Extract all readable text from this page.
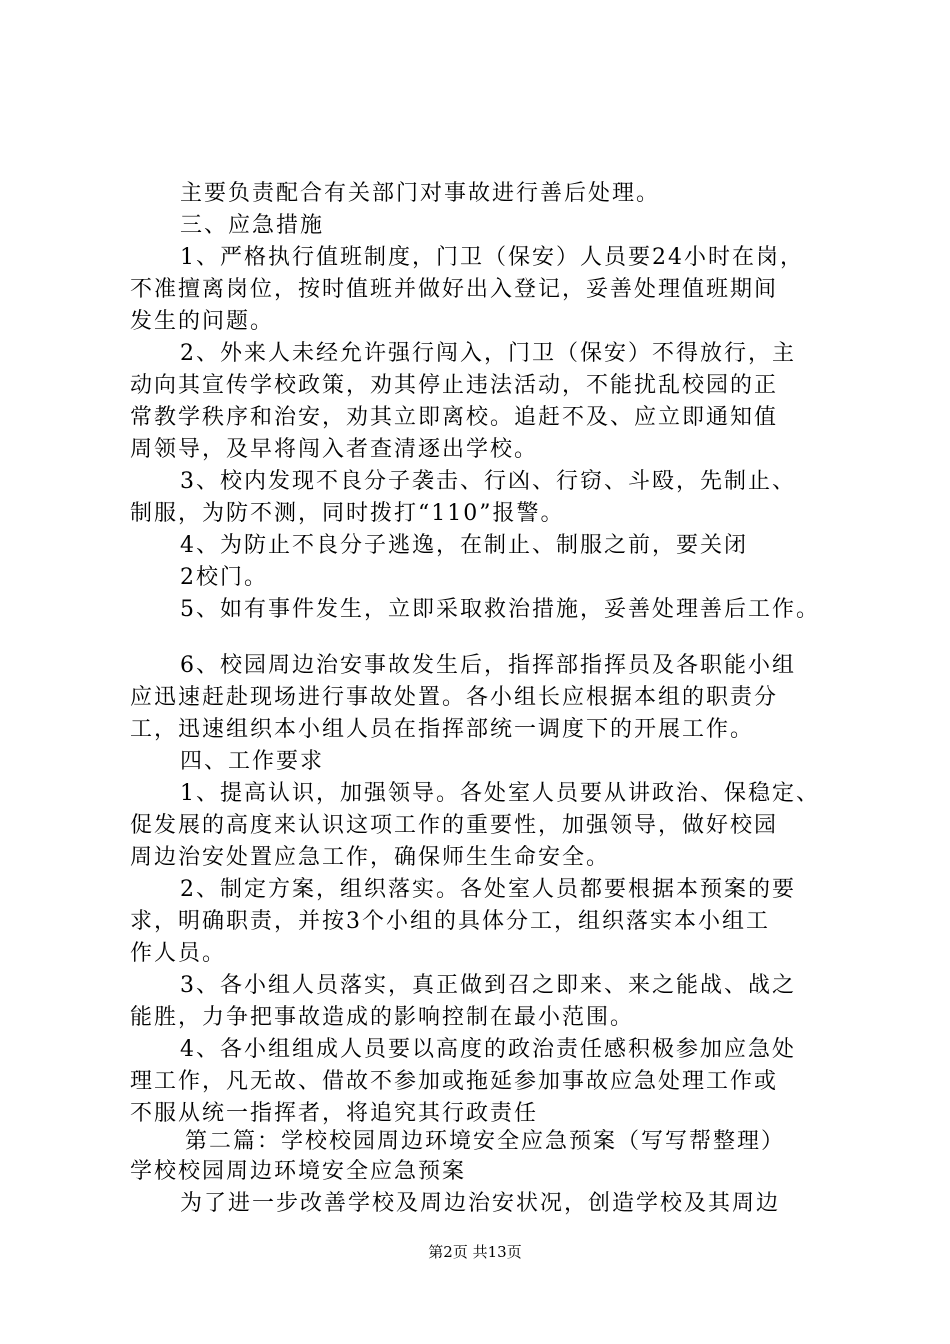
主要负责配合有关部门对事故进行善后处理。
三、应急措施
1、严格执行值班制度，门卫（保安）人员要24小时在岗，
不准擅离岗位，按时值班并做好出入登记，妥善处理值班期间
发生的问题。
2、外来人未经允许强行闯入，门卫（保安）不得放行，主
动向其宣传学校政策，劝其停止违法活动，不能扰乱校园的正
常教学秩序和治安，劝其立即离校。追赶不及、应立即通知值
周领导，及早将闯入者查清逐出学校。
3、校内发现不良分子袭击、行凶、行窃、斗殴，先制止、
制服，为防不测，同时拨打“110”报警。
4、为防止不良分子逃逸，在制止、制服之前，要关闭
2校门。
5、如有事件发生，立即采取救治措施，妥善处理善后工作。
6、校园周边治安事故发生后，指挥部指挥员及各职能小组
应迅速赶赴现场进行事故处置。各小组长应根据本组的职责分
工，迅速组织本小组人员在指挥部统一调度下的开展工作。
四、工作要求
1、提高认识，加强领导。各处室人员要从讲政治、保稳定、
促发展的高度来认识这项工作的重要性，加强领导，做好校园
周边治安处置应急工作，确保师生生命安全。
2、制定方案，组织落实。各处室人员都要根据本预案的要
求，明确职责，并按3个小组的具体分工，组织落实本小组工
作人员。
3、各小组人员落实，真正做到召之即来、来之能战、战之
能胜，力争把事故造成的影响控制在最小范围。
4、各小组组成人员要以高度的政治责任感积极参加应急处
理工作，凡无故、借故不参加或拖延参加事故应急处理工作或
不服从统一指挥者，将追究其行政责任
第二篇：学校校园周边环境安全应急预案（写写帮整理）
学校校园周边环境安全应急预案
为了进一步改善学校及周边治安状况，创造学校及其周边
第2页 共13页
